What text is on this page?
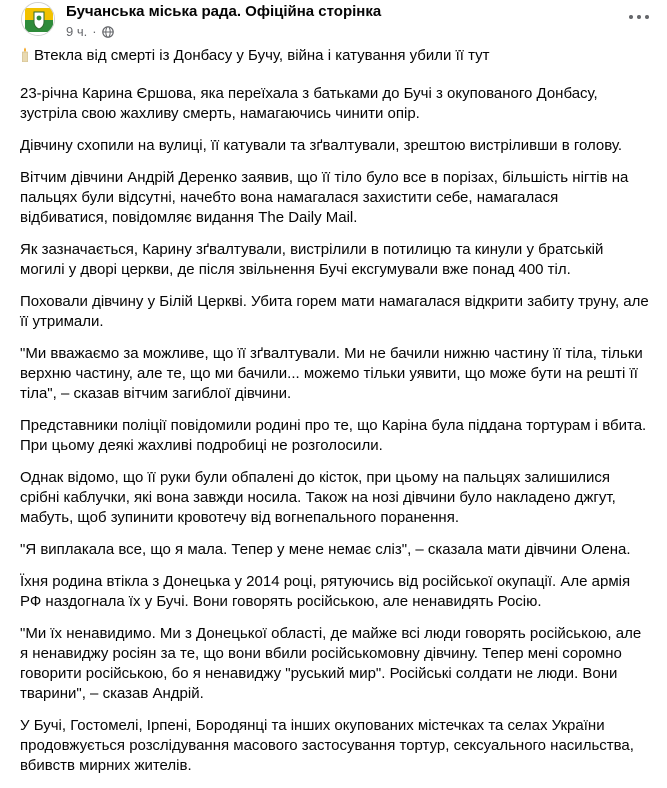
Бучанська міська рада. Офіційна сторінка
9 ч. ·

Втекла від смерті із Донбасу у Бучу, війна і катування убили її тут

23-річна Карина Єршова, яка переїхала з батьками до Бучі з окупованого Донбасу, зустріла свою жахливу смерть, намагаючись чинити опір.

Дівчину схопили на вулиці, її катували та зґвалтували, зрештою вистріливши в голову.

Вітчим дівчини Андрій Деренко заявив, що її тіло було все в порізах, більшість нігтів на пальцях були відсутні, начебто вона намагалася захистити себе, намагалася відбиватися, повідомляє видання The Daily Mail.

Як зазначається, Карину зґвалтували, вистрілили в потилицю та кинули у братській могилі у дворі церкви, де після звільнення Бучі ексгумували вже понад 400 тіл.

Поховали дівчину у Білій Церкві. Убита горем мати намагалася відкрити забиту труну, але її утримали.

"Ми вважаємо за можливе, що її зґвалтували. Ми не бачили нижню частину її тіла, тільки верхню частину, але те, що ми бачили... можемо тільки уявити, що може бути на решті її тіла", – сказав вітчим загиблої дівчини.

Представники поліції повідомили родині про те, що Каріна була піддана тортурам і вбита. При цьому деякі жахливі подробиці не розголосили.

Однак відомо, що її руки були обпалені до кісток, при цьому на пальцях залишилися срібні каблучки, які вона завжди носила. Також на нозі дівчини було накладено джгут, мабуть, щоб зупинити кровотечу від вогнепального поранення.

"Я виплакала все, що я мала. Тепер у мене немає сліз", – сказала мати дівчини Олена.

Їхня родина втікла з Донецька у 2014 році, рятуючись від російської окупації. Але армія РФ наздогнала їх у Бучі. Вони говорять російською, але ненавидять Росію.

"Ми їх ненавидимо. Ми з Донецької області, де майже всі люди говорять російською, але я ненавиджу росіян за те, що вони вбили російськомовну дівчину. Тепер мені соромно говорити російською, бо я ненавиджу "руський мир". Російські солдати не люди. Вони тварини", – сказав Андрій.

У Бучі, Гостомелі, Ірпені, Бородянці та інших окупованих містечках та селах України продовжується розслідування масового застосування тортур, сексуального насильства, вбивств мирних жителів.
